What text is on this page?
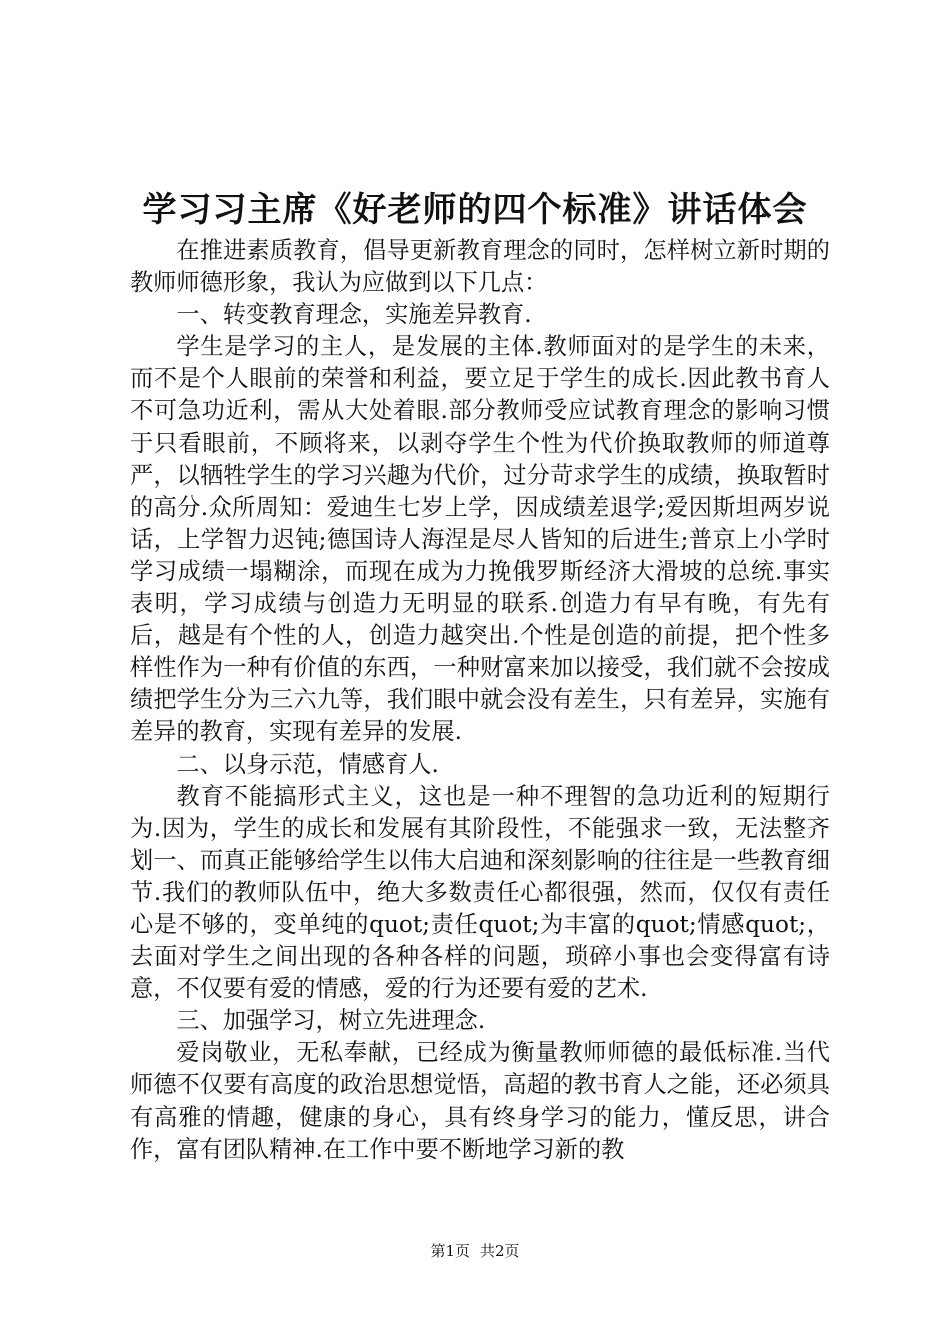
学习习主席《好老师的四个标准》讲话体会

在推进素质教育，倡导更新教育理念的同时，怎样树立新时期的教师师德形象，我认为应做到以下几点：

一、转变教育理念，实施差异教育.

学生是学习的主人，是发展的主体.教师面对的是学生的未来，而不是个人眼前的荣誉和利益，要立足于学生的成长.因此教书育人不可急功近利，需从大处着眼.部分教师受应试教育理念的影响习惯于只看眼前，不顾将来，以剥夺学生个性为代价换取教师的师道尊严，以牺牲学生的学习兴趣为代价，过分苛求学生的成绩，换取暂时的高分.众所周知：爱迪生七岁上学，因成绩差退学;爱因斯坦两岁说话，上学智力迟钝;德国诗人海涅是尽人皆知的后进生;普京上小学时学习成绩一塌糊涂，而现在成为力挽俄罗斯经济大滑坡的总统.事实表明，学习成绩与创造力无明显的联系.创造力有早有晚，有先有后，越是有个性的人，创造力越突出.个性是创造的前提，把个性多样性作为一种有价值的东西，一种财富来加以接受，我们就不会按成绩把学生分为三六九等，我们眼中就会没有差生，只有差异，实施有差异的教育，实现有差异的发展.

二、以身示范，情感育人.

教育不能搞形式主义，这也是一种不理智的急功近利的短期行为.因为，学生的成长和发展有其阶段性，不能强求一致，无法整齐划一、而真正能够给学生以伟大启迪和深刻影响的往往是一些教育细节.我们的教师队伍中，绝大多数责任心都很强，然而，仅仅有责任心是不够的，变单纯的quot;责任quot;为丰富的quot;情感quot;，去面对学生之间出现的各种各样的问题，琐碎小事也会变得富有诗意，不仅要有爱的情感，爱的行为还要有爱的艺术.

三、加强学习，树立先进理念.

爱岗敬业，无私奉献，已经成为衡量教师师德的最低标准.当代师德不仅要有高度的政治思想觉悟，高超的教书育人之能，还必须具有高雅的情趣，健康的身心，具有终身学习的能力，懂反思，讲合作，富有团队精神.在工作中要不断地学习新的教

第1页 共2页
